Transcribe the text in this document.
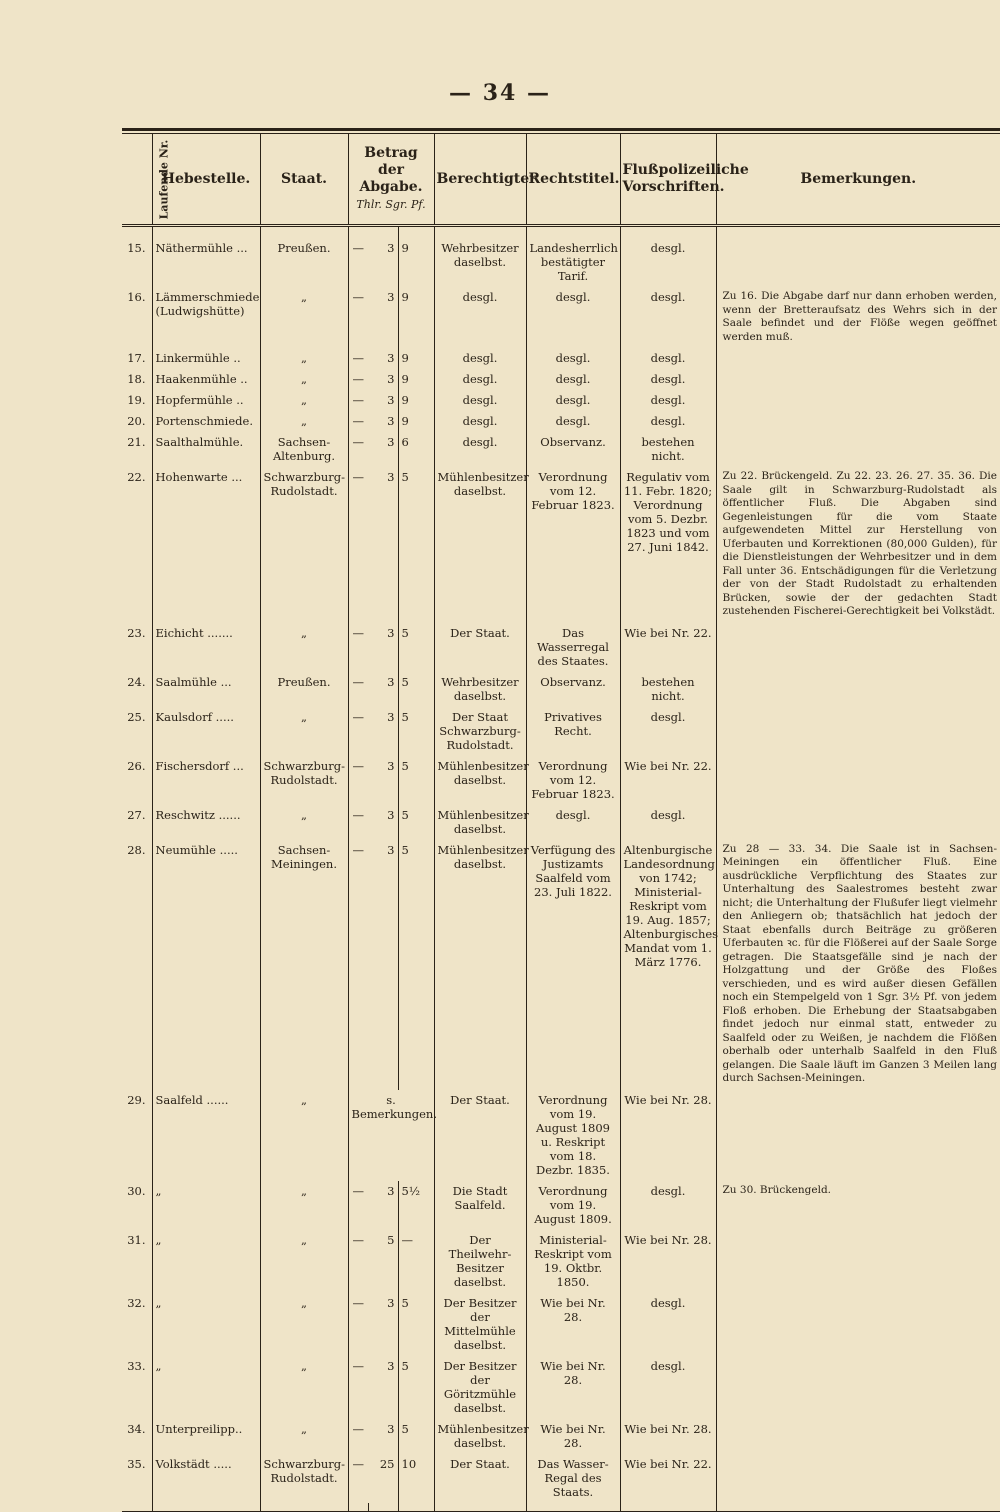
— 34 —
Laufende Nr.	Hebestelle.	Staat.	Betrag der Abgabe.
Thlr. Sgr. Pf.			Berechtigter.	Rechtstitel.	Flußpolizeiliche Vorschriften.	Bemerkungen.
15.	Näthermühle ...	Preußen.	—	3	9	Wehrbesitzer daselbst.	Landesherrlich bestätigter Tarif.	desgl.	
16.	Lämmerschmiede (Ludwigshütte)	„	—	3	9	desgl.	desgl.	desgl.	Zu 16. Die Abgabe darf nur dann erhoben werden, wenn der Bretteraufsatz des Wehrs sich in der Saale befindet und der Flöße wegen geöffnet werden muß.
17.	Linkermühle ..	„	—	3	9	desgl.	desgl.	desgl.	
18.	Haakenmühle ..	„	—	3	9	desgl.	desgl.	desgl.	
19.	Hopfermühle ..	„	—	3	9	desgl.	desgl.	desgl.	
20.	Portenschmiede.	„	—	3	9	desgl.	desgl.	desgl.	
21.	Saalthalmühle.	Sachsen-Altenburg.	—	3	6	desgl.	Observanz.	bestehen nicht.	
22.	Hohenwarte ...	Schwarzburg-Rudolstadt.	—	3	5	Mühlenbesitzer daselbst.	Verordnung vom 12. Februar 1823.	Regulativ vom 11. Febr. 1820; Verordnung vom 5. Dezbr. 1823 und vom 27. Juni 1842.	Zu 22. Brückengeld. Zu 22. 23. 26. 27. 35. 36. Die Saale gilt in Schwarzburg-Rudolstadt als öffentlicher Fluß. Die Abgaben sind Gegenleistungen für die vom Staate aufgewendeten Mittel zur Herstellung von Uferbauten und Korrektionen (80,000 Gulden), für die Dienstleistungen der Wehrbesitzer und in dem Fall unter 36. Entschädigungen für die Verletzung der von der Stadt Rudolstadt zu erhaltenden Brücken, sowie der der gedachten Stadt zustehenden Fischerei-Gerechtigkeit bei Volkstädt.
23.	Eichicht .......	„	—	3	5	Der Staat.	Das Wasserregal des Staates.	Wie bei Nr. 22.	
24.	Saalmühle ...	Preußen.	—	3	5	Wehrbesitzer daselbst.	Observanz.	bestehen nicht.	
25.	Kaulsdorf .....	„	—	3	5	Der Staat Schwarzburg-Rudolstadt.	Privatives Recht.	desgl.	
26.	Fischersdorf ...	Schwarzburg-Rudolstadt.	—	3	5	Mühlenbesitzer daselbst.	Verordnung vom 12. Februar 1823.	Wie bei Nr. 22.	
27.	Reschwitz ......	„	—	3	5	Mühlenbesitzer daselbst.	desgl.	desgl.	
28.	Neumühle .....	Sachsen-Meiningen.	—	3	5	Mühlenbesitzer daselbst.	Verfügung des Justizamts Saalfeld vom 23. Juli 1822.	Altenburgische Landesordnung von 1742; Ministerial-Reskript vom 19. Aug. 1857; Altenburgisches Mandat vom 1. März 1776.	Zu 28 — 33. 34. Die Saale ist in Sachsen-Meiningen ein öffentlicher Fluß. Eine ausdrückliche Verpflichtung des Staates zur Unterhaltung des Saalestromes besteht zwar nicht; die Unterhaltung der Flußufer liegt vielmehr den Anliegern ob; thatsächlich hat jedoch der Staat ebenfalls durch Beiträge zu größeren Uferbauten ꝛc. für die Flößerei auf der Saale Sorge getragen. Die Staatsgefälle sind je nach der Holzgattung und der Größe des Floßes verschieden, und es wird außer diesen Gefällen noch ein Stempelgeld von 1 Sgr. 3½ Pf. von jedem Floß erhoben. Die Erhebung der Staatsabgaben findet jedoch nur einmal statt, entweder zu Saalfeld oder zu Weißen, je nachdem die Flößen oberhalb oder unterhalb Saalfeld in den Fluß gelangen. Die Saale läuft im Ganzen 3 Meilen lang durch Sachsen-Meiningen.
29.	Saalfeld ......	„	s. Bemerkungen.			Der Staat.	Verordnung vom 19. August 1809 u. Reskript vom 18. Dezbr. 1835.	Wie bei Nr. 28.	
30.	„	„	—	3	5½	Die Stadt Saalfeld.	Verordnung vom 19. August 1809.	desgl.	Zu 30. Brückengeld.
31.	„	„	—	5	—	Der Theilwehr-Besitzer daselbst.	Ministerial-Reskript vom 19. Oktbr. 1850.	Wie bei Nr. 28.	
32.	„	„	—	3	5	Der Besitzer der Mittelmühle daselbst.	Wie bei Nr. 28.	desgl.	
33.	„	„	—	3	5	Der Besitzer der Göritzmühle daselbst.	Wie bei Nr. 28.	desgl.	
34.	Unterpreilipp..	„	—	3	5	Mühlenbesitzer daselbst.	Wie bei Nr. 28.	Wie bei Nr. 28.	
35.	Volkstädt .....	Schwarzburg-Rudolstadt.	—	25	10	Der Staat.	Das Wasser-Regal des Staats.	Wie bei Nr. 22.	
